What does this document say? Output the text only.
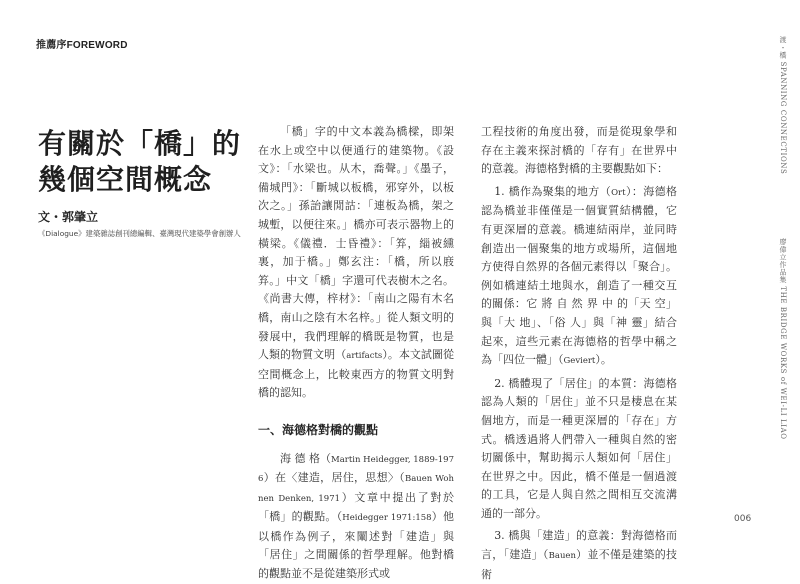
推薦序FOREWORD
有關於「橋」的
幾個空間概念
文・郭肇立
《Dialogue》建築雜誌創刊總編輯、臺灣現代建築學會創辦人

「橋」字的中文本義為橋樑，即架在水上或空中以便通行的建築物。《設文》：「水梁也。从木，喬聲。」《墨子，備城門》：「斷城以板橋，邪穿外，以板次之。」孫詒讓閒詁：「連板為橋，架之城塹，以便往來。」橋亦可表示器物上的橫梁。《儀禮．士昏禮》：「笲，緇被纁裏，加于橋。」鄭玄注：「橋，所以庪笲。」中文「橋」字還可代表樹木之名。《尚書大傳，梓材》：「南山之陽有木名橋，南山之陰有木名梓。」從人類文明的發展中，我們理解的橋既是物質，也是人類的物質文明（artifacts）。本文試圖從空間概念上，比較東西方的物質文明對橋的認知。

一、海德格對橋的觀點

海 德 格（Martin Heidegger, 1889-1976）在〈建造，居住，思想〉（Bauen Wohnen Denken, 1971）文章中提出了對於「橋」的觀點。（Heidegger 1971:158）他以橋作為例子，來闡述對「建造」與「居住」之間關係的哲學理解。他對橋的觀點並不是從建築形式或

工程技術的角度出發，而是從現象學和存在主義來探討橋的「存有」在世界中的意義。海德格對橋的主要觀點如下：

1. 橋作為聚集的地方（Ort）：海德格認為橋並非僅僅是一個實質結構體，它有更深層的意義。橋連結兩岸，並同時創造出一個聚集的地方或場所，這個地方使得自然界的各個元素得以「聚合」。例如橋連結土地與水，創造了一種交互的關係：它 將 自 然 界 中 的「天 空」與「大 地」、「俗 人」與「神 靈」結合起來，這些元素在海德格的哲學中稱之為「四位一體」（Geviert）。

2. 橋體現了「居住」的本質：海德格認為人類的「居住」並不只是棲息在某個地方，而是一種更深層的「存在」方式。橋透過將人們帶入一種與自然的密切關係中，幫助揭示人類如何「居住」在世界之中。因此，橋不僅是一個過渡的工具，它是人與自然之間相互交流溝通的一部分。

3. 橋與「建造」的意義：對海德格而言，「建造」（Bauen）並不僅是建築的技術

渡・橋 SPANNING CONNECTIONS
廖偉立作品集 THE BRIDGE WORKS of WEI-LI LIAO
006
